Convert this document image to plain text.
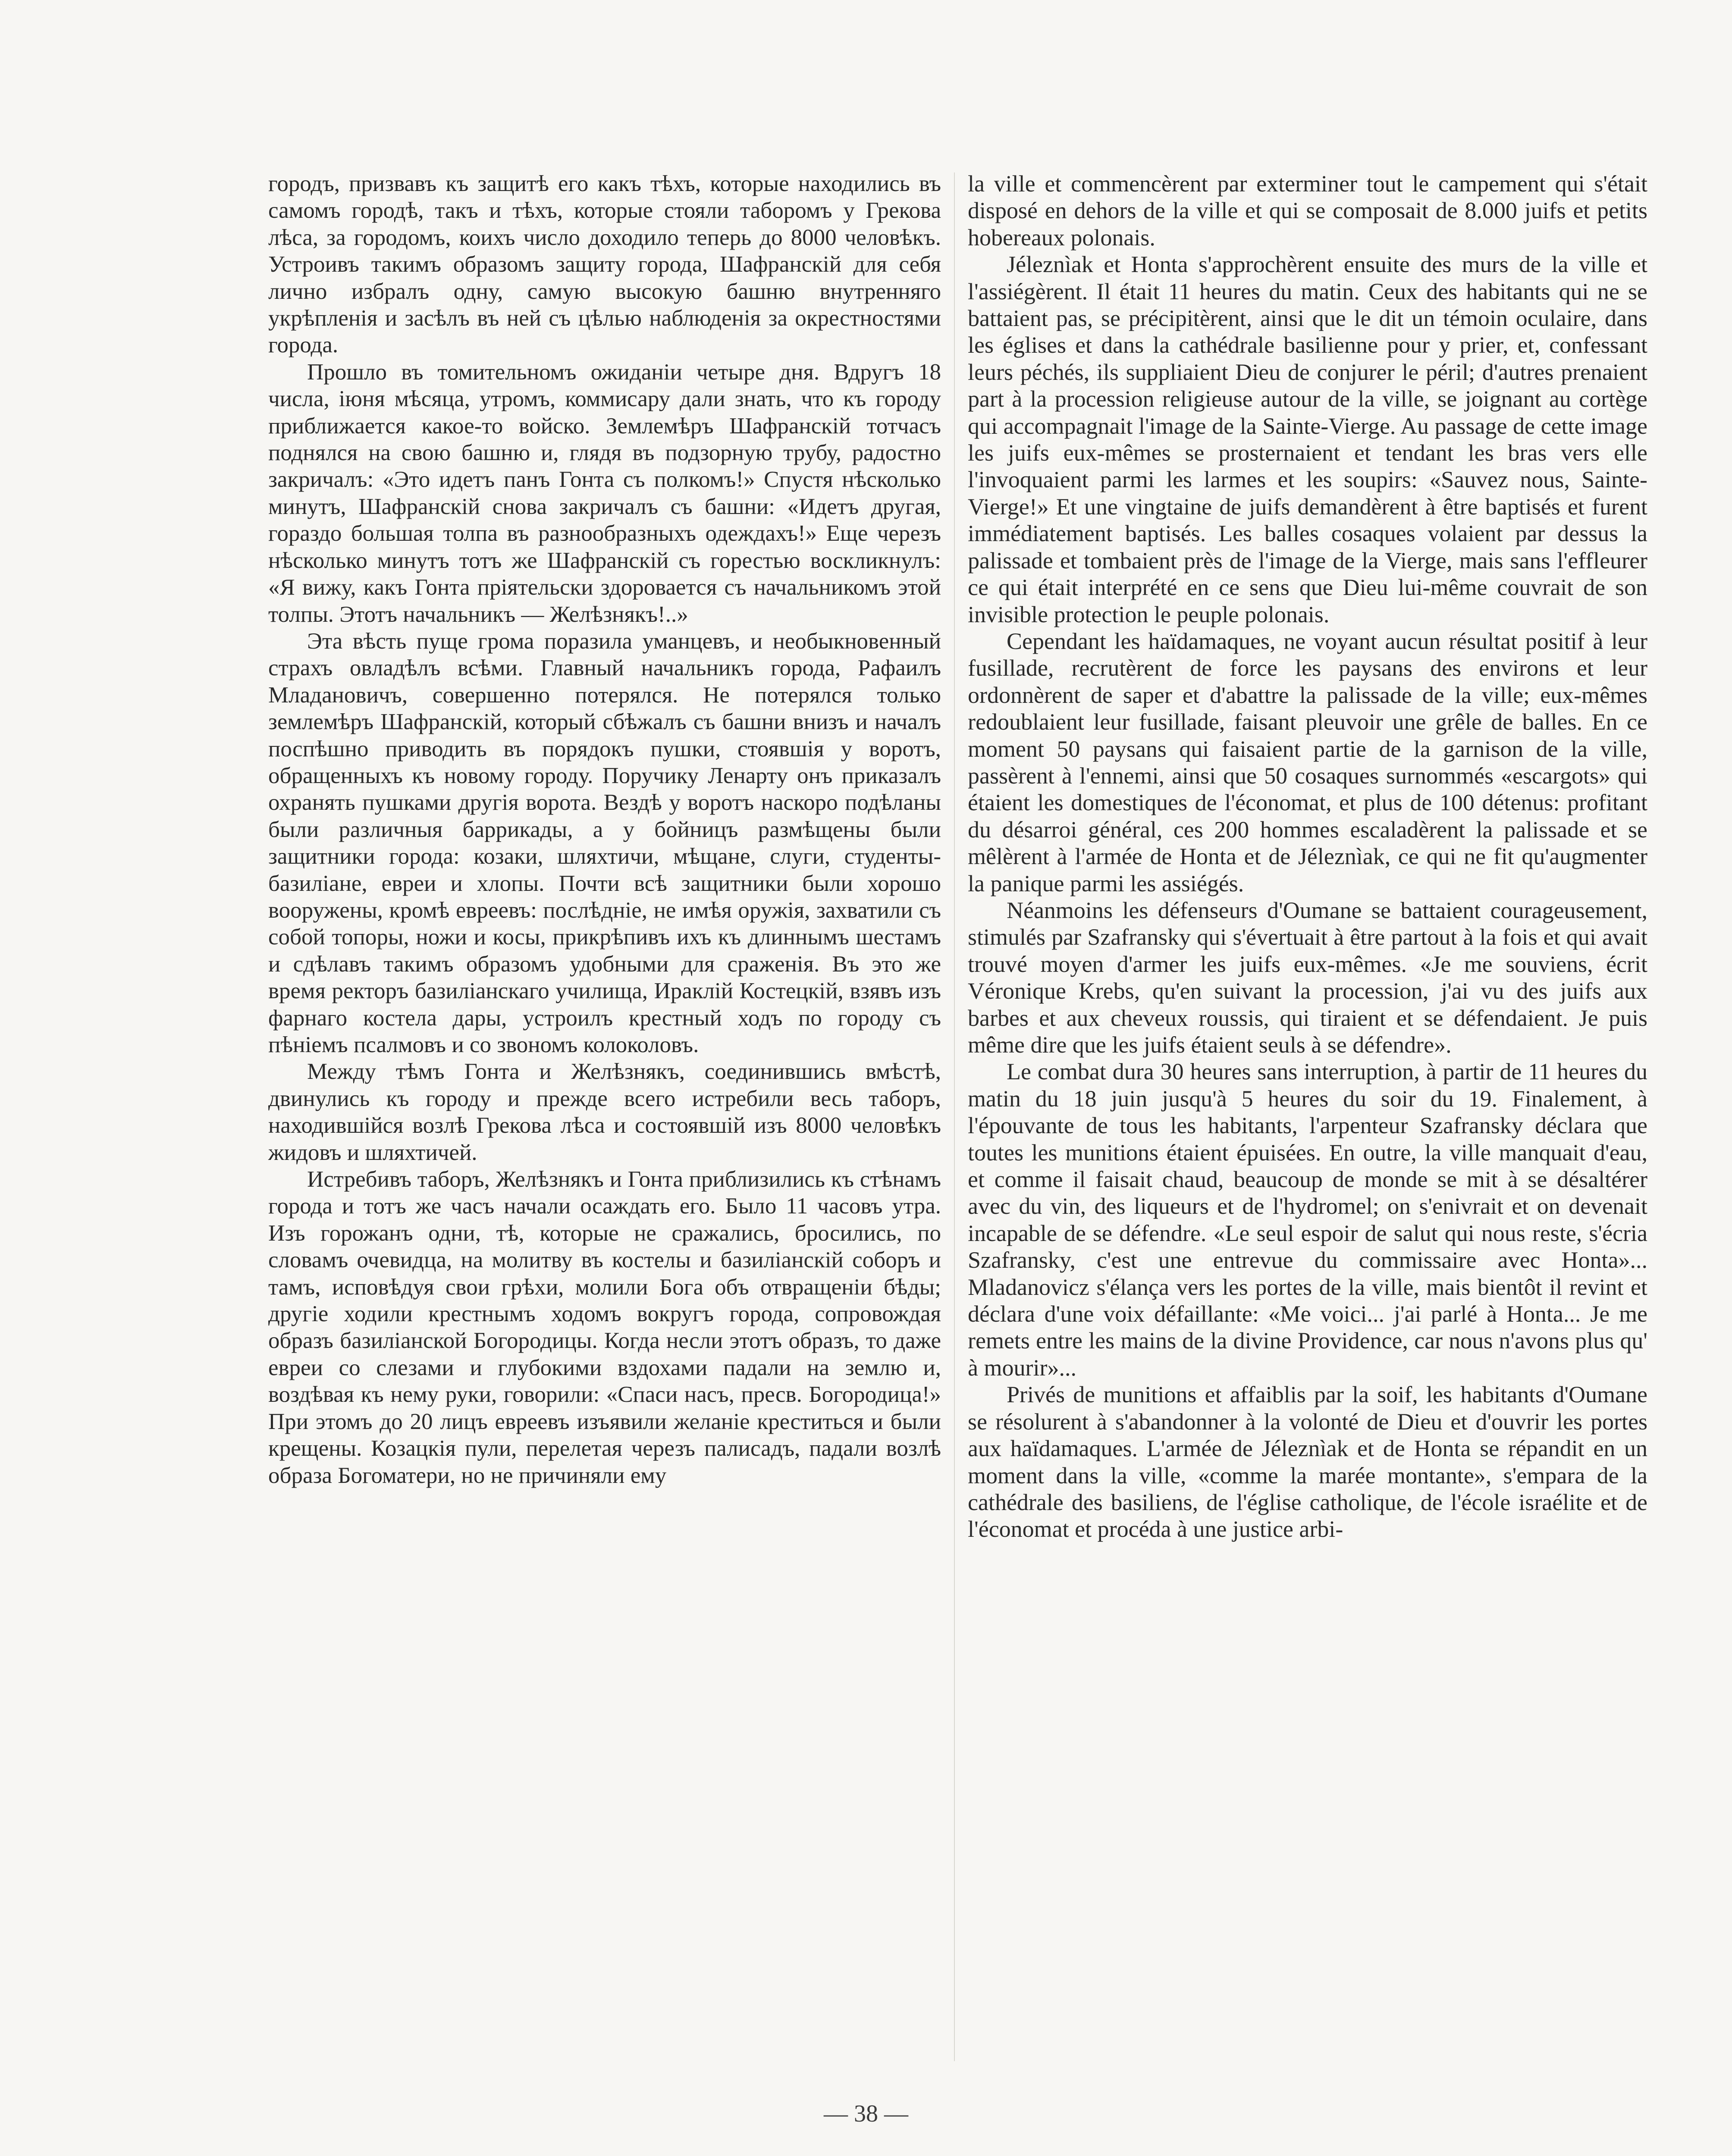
городъ, призвавъ къ защитѣ его какъ тѣхъ, которые находились въ самомъ городѣ, такъ и тѣхъ, которые стояли таборомъ у Грекова лѣса, за городомъ, коихъ число доходило теперь до 8000 человѣкъ. Устроивъ такимъ образомъ защиту города, Шафранскій для себя лично избралъ одну, самую высокую башню внутренняго укрѣпленія и засѣлъ въ ней съ цѣлью наблюденія за окрестностями города.

Прошло въ томительномъ ожиданіи четыре дня. Вдругъ 18 числа, іюня мѣсяца, утромъ, коммисару дали знать, что къ городу приближается какое-то войско. Землемѣръ Шафранскій тотчасъ поднялся на свою башню и, глядя въ подзорную трубу, радостно закричалъ: «Это идетъ панъ Гонта съ полкомъ!» Спустя нѣсколько минутъ, Шафранскій снова закричалъ съ башни: «Идетъ другая, гораздо большая толпа въ разнообразныхъ одеждахъ!» Еще черезъ нѣсколько минутъ тотъ же Шафранскій съ горестью воскликнулъ: «Я вижу, какъ Гонта пріятельски здоровается съ начальникомъ этой толпы. Этотъ начальникъ — Желѣзнякъ!..»

Эта вѣсть пуще грома поразила уманцевъ, и необыкновенный страхъ овладѣлъ всѣми. Главный начальникъ города, Рафаилъ Младановичъ, совершенно потерялся. Не потерялся только землемѣръ Шафранскій, который сбѣжалъ съ башни внизъ и началъ поспѣшно приводить въ порядокъ пушки, стоявшія у воротъ, обращенныхъ къ новому городу. Поручику Ленарту онъ приказалъ охранять пушками другія ворота. Вездѣ у воротъ наскоро подѣланы были различныя баррикады, а у бойницъ размѣщены были защитники города: козаки, шляхтичи, мѣщане, слуги, студенты-базиліане, евреи и хлопы. Почти всѣ защитники были хорошо вооружены, кромѣ евреевъ: послѣдніе, не имѣя оружія, захватили съ собой топоры, ножи и косы, прикрѣпивъ ихъ къ длиннымъ шестамъ и сдѣлавъ такимъ образомъ удобными для сраженія. Въ это же время ректоръ базиліанскаго училища, Ираклій Костецкій, взявъ изъ фарнаго костела дары, устроилъ крестный ходъ по городу съ пѣніемъ псалмовъ и со звономъ колоколовъ.

Между тѣмъ Гонта и Желѣзнякъ, соединившись вмѣстѣ, двинулись къ городу и прежде всего истребили весь таборъ, находившійся возлѣ Грекова лѣса и состоявшій изъ 8000 человѣкъ жидовъ и шляхтичей.

Истребивъ таборъ, Желѣзнякъ и Гонта приблизились къ стѣнамъ города и тотъ же часъ начали осаждать его. Было 11 часовъ утра. Изъ горожанъ одни, тѣ, которые не сражались, бросились, по словамъ очевидца, на молитву въ костелы и базиліанскій соборъ и тамъ, исповѣдуя свои грѣхи, молили Бога объ отвращеніи бѣды; другіе ходили крестнымъ ходомъ вокругъ города, сопровождая образъ базиліанской Богородицы. Когда несли этотъ образъ, то даже евреи со слезами и глубокими вздохами падали на землю и, воздѣвая къ нему руки, говорили: «Спаси насъ, пресв. Богородица!» При этомъ до 20 лицъ евреевъ изъявили желаніе креститься и были крещены. Козацкія пули, перелетая черезъ палисадъ, падали возлѣ образа Богоматери, но не причиняли ему

la ville et commencèrent par exterminer tout le campement qui s'était disposé en dehors de la ville et qui se composait de 8.000 juifs et petits hobereaux polonais.

Jéleznìak et Honta s'approchèrent ensuite des murs de la ville et l'assiégèrent. Il était 11 heures du matin. Ceux des habitants qui ne se battaient pas, se précipitèrent, ainsi que le dit un témoin oculaire, dans les églises et dans la cathédrale basilienne pour y prier, et, confessant leurs péchés, ils suppliaient Dieu de conjurer le péril; d'autres prenaient part à la procession religieuse autour de la ville, se joignant au cortège qui accompagnait l'image de la Sainte-Vierge. Au passage de cette image les juifs eux-mêmes se prosternaient et tendant les bras vers elle l'invoquaient parmi les larmes et les soupirs: «Sauvez nous, Sainte-Vierge!» Et une vingtaine de juifs demandèrent à être baptisés et furent immédiatement baptisés. Les balles cosaques volaient par dessus la palissade et tombaient près de l'image de la Vierge, mais sans l'effleurer ce qui était interprété en ce sens que Dieu lui-même couvrait de son invisible protection le peuple polonais.

Cependant les haïdamaques, ne voyant aucun résultat positif à leur fusillade, recrutèrent de force les paysans des environs et leur ordonnèrent de saper et d'abattre la palissade de la ville; eux-mêmes redoublaient leur fusillade, faisant pleuvoir une grêle de balles. En ce moment 50 paysans qui faisaient partie de la garnison de la ville, passèrent à l'ennemi, ainsi que 50 cosaques surnommés «escargots» qui étaient les domestiques de l'économat, et plus de 100 détenus: profitant du désarroi général, ces 200 hommes escaladèrent la palissade et se mêlèrent à l'armée de Honta et de Jéleznìak, ce qui ne fit qu'augmenter la panique parmi les assiégés.

Néanmoins les défenseurs d'Oumane se battaient courageusement, stimulés par Szafransky qui s'évertuait à être partout à la fois et qui avait trouvé moyen d'armer les juifs eux-mêmes. «Je me souviens, écrit Véronique Krebs, qu'en suivant la procession, j'ai vu des juifs aux barbes et aux cheveux roussis, qui tiraient et se défendaient. Je puis même dire que les juifs étaient seuls à se défendre».

Le combat dura 30 heures sans interruption, à partir de 11 heures du matin du 18 juin jusqu'à 5 heures du soir du 19. Finalement, à l'épouvante de tous les habitants, l'arpenteur Szafransky déclara que toutes les munitions étaient épuisées. En outre, la ville manquait d'eau, et comme il faisait chaud, beaucoup de monde se mit à se désaltérer avec du vin, des liqueurs et de l'hydromel; on s'enivrait et on devenait incapable de se défendre. «Le seul espoir de salut qui nous reste, s'écria Szafransky, c'est une entrevue du commissaire avec Honta»... Mladanovicz s'élança vers les portes de la ville, mais bientôt il revint et déclara d'une voix défaillante: «Me voici... j'ai parlé à Honta... Je me remets entre les mains de la divine Providence, car nous n'avons plus qu' à mourir»...

Privés de munitions et affaiblis par la soif, les habitants d'Oumane se résolurent à s'abandonner à la volonté de Dieu et d'ouvrir les portes aux haïdamaques. L'armée de Jéleznìak et de Honta se répandit en un moment dans la ville, «comme la marée montante», s'empara de la cathédrale des basiliens, de l'église catholique, de l'école israélite et de l'économat et procéda à une justice arbi-

— 38 —
